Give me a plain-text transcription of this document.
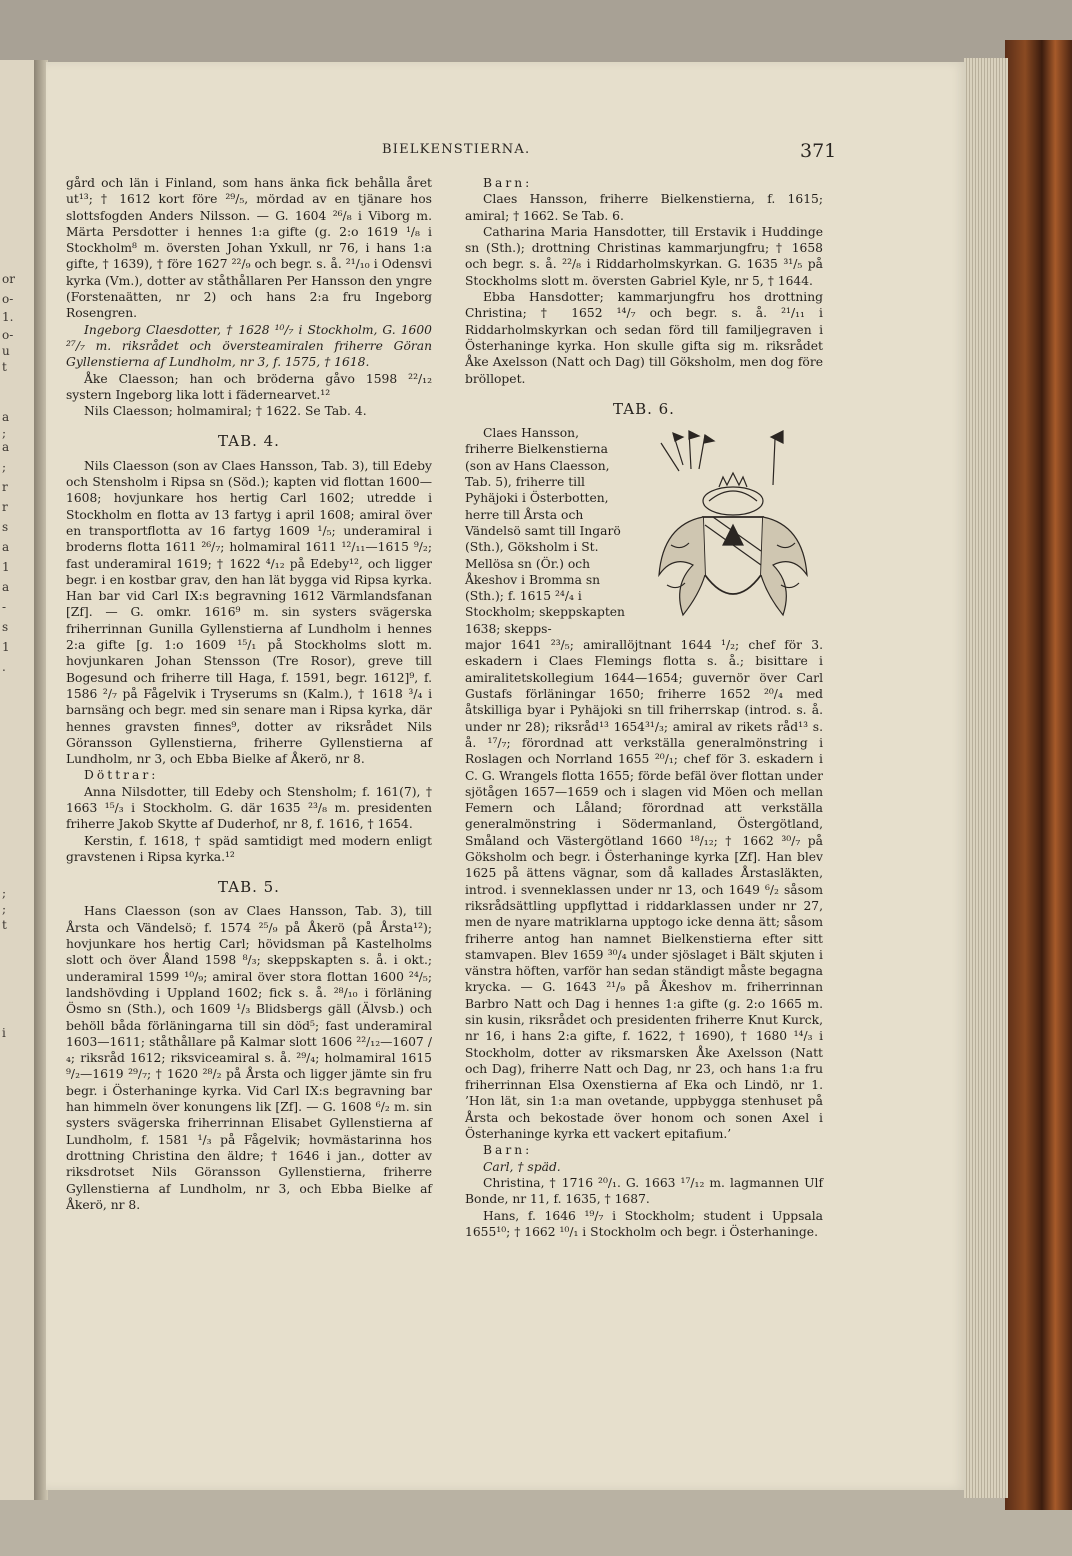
or
o-
1.
o-
u
t
a
;
a
;
r
r
s
a
1
a
-
s
1
.
;
;
t
i
BIELKENSTIERNA.	371

gård och län i Finland, som hans änka fick behålla året ut¹³; † 1612 kort före ²⁹/₅, mördad av en tjänare hos slottsfogden Anders Nilsson. — G. 1604 ²⁶/₈ i Viborg m. Märta Persdotter i hennes 1:a gifte (g. 2:o 1619 ¹/₈ i Stockholm⁸ m. översten Johan Yxkull, nr 76, i hans 1:a gifte, † 1639), † före 1627 ²²/₉ och begr. s. å. ²¹/₁₀ i Odensvi kyrka (Vm.), dotter av ståthållaren Per Hansson den yngre (Forstenaätten, nr 2) och hans 2:a fru Ingeborg Rosengren.

Ingeborg Claesdotter, † 1628 ¹⁰/₇ i Stockholm, G. 1600 ²⁷/₇ m. riksrådet och översteamiralen friherre Göran Gyllenstierna af Lundholm, nr 3, f. 1575, † 1618.

Åke Claesson; han och bröderna gåvo 1598 ²²/₁₂ systern Ingeborg lika lott i fädernearvet.¹²

Nils Claesson; holmamiral; † 1622. Se Tab. 4.

TAB. 4.

Nils Claesson (son av Claes Hansson, Tab. 3), till Edeby och Stensholm i Ripsa sn (Söd.); kapten vid flottan 1600—1608; hovjunkare hos hertig Carl 1602; utredde i Stockholm en flotta av 13 fartyg i april 1608; amiral över en transportflotta av 16 fartyg 1609 ¹/₅; underamiral i broderns flotta 1611 ²⁶/₇; holmamiral 1611 ¹²/₁₁—1615 ⁹/₂; fast underamiral 1619; † 1622 ⁴/₁₂ på Edeby¹², och ligger begr. i en kostbar grav, den han lät bygga vid Ripsa kyrka. Han bar vid Carl IX:s begravning 1612 Värmlandsfanan [Zf]. — G. omkr. 1616⁹ m. sin systers svägerska friherrinnan Gunilla Gyllenstierna af Lundholm i hennes 2:a gifte [g. 1:o 1609 ¹⁵/₁ på Stockholms slott m. hovjunkaren Johan Stensson (Tre Rosor), greve till Bogesund och friherre till Haga, f. 1591, begr. 1612]⁹, f. 1586 ²/₇ på Fågelvik i Tryserums sn (Kalm.), † 1618 ³/₄ i barnsäng och begr. med sin senare man i Ripsa kyrka, där hennes gravsten finnes⁹, dotter av riksrådet Nils Göransson Gyllenstierna, friherre Gyllenstierna af Lundholm, nr 3, och Ebba Bielke af Åkerö, nr 8.

Döttrar:

Anna Nilsdotter, till Edeby och Stensholm; f. 161(7), † 1663 ¹⁵/₃ i Stockholm. G. där 1635 ²³/₈ m. presidenten friherre Jakob Skytte af Duderhof, nr 8, f. 1616, † 1654.

Kerstin, f. 1618, † späd samtidigt med modern enligt gravstenen i Ripsa kyrka.¹²

TAB. 5.

Hans Claesson (son av Claes Hansson, Tab. 3), till Årsta och Vändelsö; f. 1574 ²⁵/₉ på Åkerö (på Årsta¹²); hovjunkare hos hertig Carl; hövidsman på Kastelholms slott och över Åland 1598 ⁸/₃; skeppskapten s. å. i okt.; underamiral 1599 ¹⁰/₉; amiral över stora flottan 1600 ²⁴/₅; landshövding i Uppland 1602; fick s. å. ²⁸/₁₀ i förläning Ösmo sn (Sth.), och 1609 ¹/₃ Blidsbergs gäll (Älvsb.) och behöll båda förläningarna till sin död⁵; fast underamiral 1603—1611; ståthållare på Kalmar slott 1606 ²²/₁₂—1607 /₄; riksråd 1612; riksviceamiral s. å. ²⁹/₄; holmamiral 1615 ⁹/₂—1619 ²⁹/₇; † 1620 ²⁸/₂ på Årsta och ligger jämte sin fru begr. i Österhaninge kyrka. Vid Carl IX:s begravning bar han himmeln över konungens lik [Zf]. — G. 1608 ⁶/₂ m. sin systers svägerska friherrinnan Elisabet Gyllenstierna af Lundholm, f. 1581 ¹/₃ på Fågelvik; hovmästarinna hos drottning Christina den äldre; † 1646 i jan., dotter av riksdrotset Nils Göransson Gyllenstierna, friherre Gyllenstierna af Lundholm, nr 3, och Ebba Bielke af Åkerö, nr 8.

Barn:

Claes Hansson, friherre Bielkenstierna, f. 1615; amiral; † 1662. Se Tab. 6.

Catharina Maria Hansdotter, till Erstavik i Huddinge sn (Sth.); drottning Christinas kammarjungfru; † 1658 och begr. s. å. ²²/₈ i Riddarholmskyrkan. G. 1635 ³¹/₅ på Stockholms slott m. översten Gabriel Kyle, nr 5, † 1644.

Ebba Hansdotter; kammarjungfru hos drottning Christina; † 1652 ¹⁴/₇ och begr. s. å. ²¹/₁₁ i Riddarholmskyrkan och sedan förd till familjegraven i Österhaninge kyrka. Hon skulle gifta sig m. riksrådet Åke Axelsson (Natt och Dag) till Göksholm, men dog före bröllopet.

TAB. 6.

Claes Hansson, friherre Bielkenstierna (son av Hans Claesson, Tab. 5), friherre till Pyhäjoki i Österbotten, herre till Årsta och Vändelsö samt till Ingarö (Sth.), Göksholm i St. Mellösa sn (Ör.) och Åkeshov i Bromma sn (Sth.); f. 1615 ²⁴/₄ i Stockholm; skeppskapten 1638; skepps-

major 1641 ²³/₅; amirallöjtnant 1644 ¹/₂; chef för 3. eskadern i Claes Flemings flotta s. å.; bisittare i amiralitetskollegium 1644—1654; guvernör över Carl Gustafs förläningar 1650; friherre 1652 ²⁰/₄ med åtskilliga byar i Pyhäjoki sn till friherrskap (introd. s. å. under nr 28); riksråd¹³ 1654³¹/₃; amiral av rikets råd¹³ s. å. ¹⁷/₇; förordnad att verkställa generalmönstring i Roslagen och Norrland 1655 ²⁰/₁; chef för 3. eskadern i C. G. Wrangels flotta 1655; förde befäl över flottan under sjötågen 1657—1659 och i slagen vid Möen och mellan Femern och Låland; förordnad att verkställa generalmönstring i Södermanland, Östergötland, Småland och Västergötland 1660 ¹⁸/₁₂; † 1662 ³⁰/₇ på Göksholm och begr. i Österhaninge kyrka [Zf]. Han blev 1625 på ättens vägnar, som då kallades Årstasläkten, introd. i svenneklassen under nr 13, och 1649 ⁶/₂ såsom riksrådsättling uppflyttad i riddarklassen under nr 27, men de nyare matriklarna upptogo icke denna ätt; såsom friherre antog han namnet Bielkenstierna efter sitt stamvapen. Blev 1659 ³⁰/₄ under sjöslaget i Bält skjuten i vänstra höften, varför han sedan ständigt måste begagna krycka. — G. 1643 ²¹/₉ på Åkeshov m. friherrinnan Barbro Natt och Dag i hennes 1:a gifte (g. 2:o 1665 m. sin kusin, riksrådet och presidenten friherre Knut Kurck, nr 16, i hans 2:a gifte, f. 1622, † 1690), † 1680 ¹⁴/₃ i Stockholm, dotter av riksmarsken Åke Axelsson (Natt och Dag), friherre Natt och Dag, nr 23, och hans 1:a fru friherrinnan Elsa Oxenstierna af Eka och Lindö, nr 1. ’Hon lät, sin 1:a man ovetande, uppbygga stenhuset på Årsta och bekostade över honom och sonen Axel i Österhaninge kyrka ett vackert epitafium.’

Barn:

Carl, † späd.

Christina, † 1716 ²⁰/₁. G. 1663 ¹⁷/₁₂ m. lagmannen Ulf Bonde, nr 11, f. 1635, † 1687.

Hans, f. 1646 ¹⁹/₇ i Stockholm; student i Uppsala 1655¹⁰; † 1662 ¹⁰/₁ i Stockholm och begr. i Österhaninge.
